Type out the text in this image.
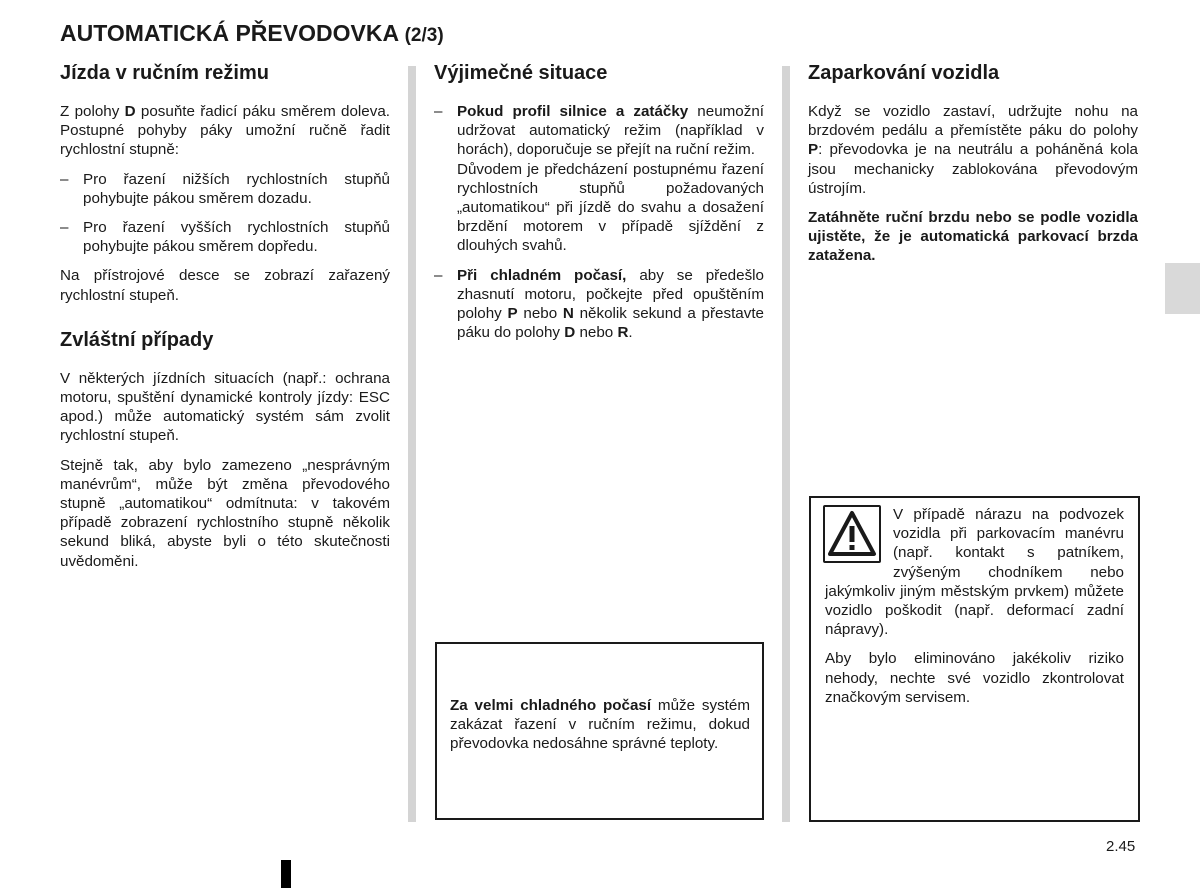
AUTOMATICKÁ PŘEVODOVKA (2/3)
Jízda v ručním režimu

Z polohy D posuňte řadicí páku směrem doleva. Postupné pohyby páky umožní ručně řadit rychlostní stupně:

– Pro řazení nižších rychlostních stupňů pohybujte pákou směrem dozadu.
– Pro řazení vyšších rychlostních stupňů pohybujte pákou směrem dopředu.

Na přístrojové desce se zobrazí zařazený rychlostní stupeň.

Zvláštní případy

V některých jízdních situacích (např.: ochrana motoru, spuštění dynamické kontroly jízdy: ESC apod.) může automatický systém sám zvolit rychlostní stupeň.

Stejně tak, aby bylo zamezeno „nesprávným manévrům“, může být změna převodového stupně „automatikou“ odmítnuta: v takovém případě zobrazení rychlostního stupně několik sekund bliká, abyste byli o této skutečnosti uvědoměni.

Výjimečné situace
– Pokud profil silnice a zatáčky neumožní udržovat automatický režim (například v horách), doporučuje se přejít na ruční režim.
Důvodem je předcházení postupnému řazení rychlostních stupňů požadovaných „automatikou“ při jízdě do svahu a dosažení brzdění motorem v případě sjíždění z dlouhých svahů.
– Při chladném počasí, aby se předešlo zhasnutí motoru, počkejte před opuštěním polohy P nebo N několik sekund a přestavte páku do polohy D nebo R.

Za velmi chladného počasí může systém zakázat řazení v ručním režimu, dokud převodovka nedosáhne správné teploty.

Zaparkování vozidla

Když se vozidlo zastaví, udržujte nohu na brzdovém pedálu a přemístěte páku do polohy P: převodovka je na neutrálu a poháněná kola jsou mechanicky zablokována převodovým ústrojím.

Zatáhněte ruční brzdu nebo se podle vozidla ujistěte, že je automatická parkovací brzda zatažena.

V případě nárazu na podvozek vozidla při parkovacím manévru (např. kontakt s patníkem, zvýšeným chodníkem nebo jakýmkoliv jiným městským prvkem) můžete vozidlo poškodit (např. deformací zadní nápravy).

Aby bylo eliminováno jakékoliv riziko nehody, nechte své vozidlo zkontrolovat značkovým servisem.

2.45
